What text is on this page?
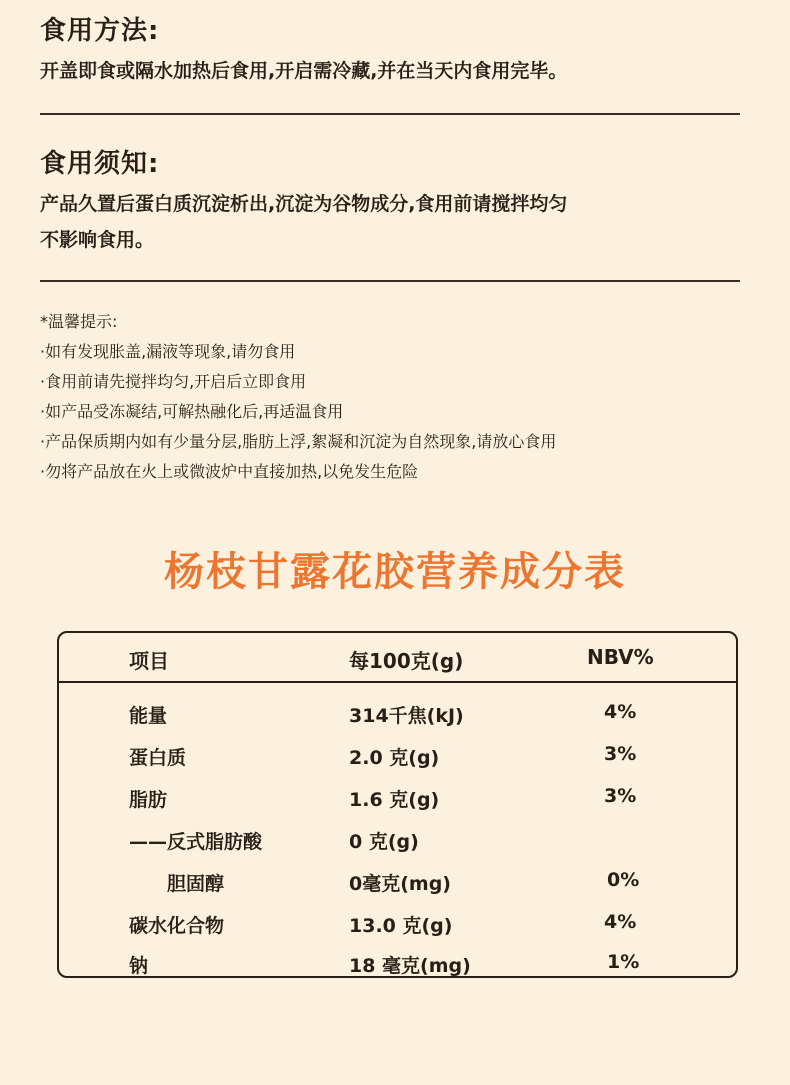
食用方法:
开盖即食或隔水加热后食用,开启需冷藏,并在当天内食用完毕。
食用须知:
产品久置后蛋白质沉淀析出,沉淀为谷物成分,食用前请搅拌均匀
不影响食用。
*温馨提示:
·如有发现胀盖,漏液等现象,请勿食用
·食用前请先搅拌均匀,开启后立即食用
·如产品受冻凝结,可解热融化后,再适温食用
·产品保质期内如有少量分层,脂肪上浮,絮凝和沉淀为自然现象,请放心食用
·勿将产品放在火上或微波炉中直接加热,以免发生危险
杨枝甘露花胶营养成分表
项目	每100克(g)	NBV%
能量	314千焦(kJ)	4%
蛋白质	2.0 克(g)	3%
脂肪	1.6 克(g)	3%
——反式脂肪酸	0 克(g)
胆固醇	0毫克(mg)	0%
碳水化合物	13.0 克(g)	4%
钠	18 毫克(mg)	1%
